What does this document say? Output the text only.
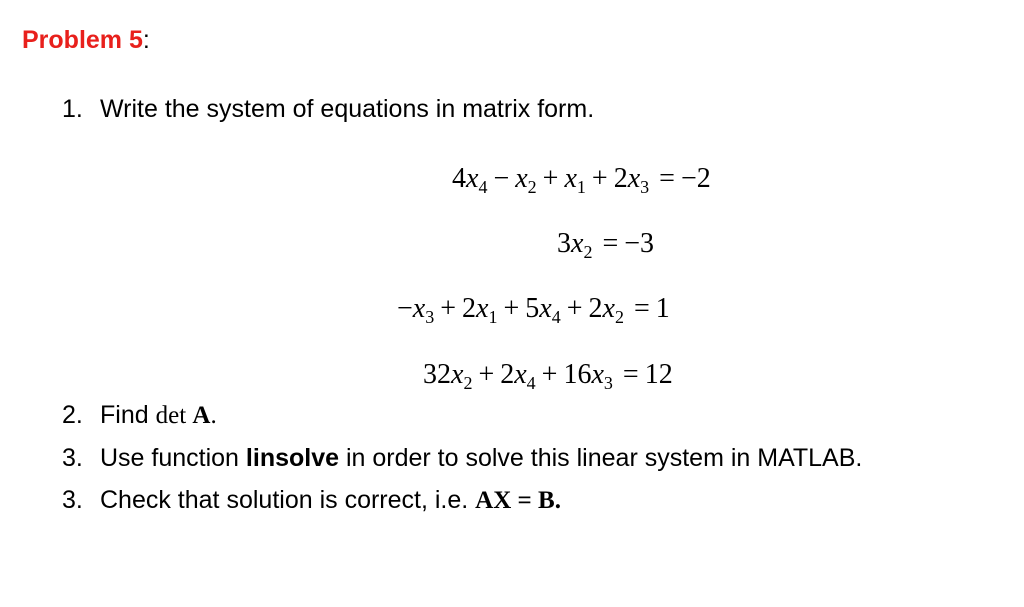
Problem 5:
1. Write the system of equations in matrix form.
$4x_4 - x_2 + x_1 + 2x_3 = -2$
$3x_2 = -3$
$-x_3 + 2x_1 + 5x_4 + 2x_2 = 1$
$32x_2 + 2x_4 + 16x_3 = 12$
2. Find det A.
3. Use function linsolve in order to solve this linear system in MATLAB.
3. Check that solution is correct, i.e. AX = B.
